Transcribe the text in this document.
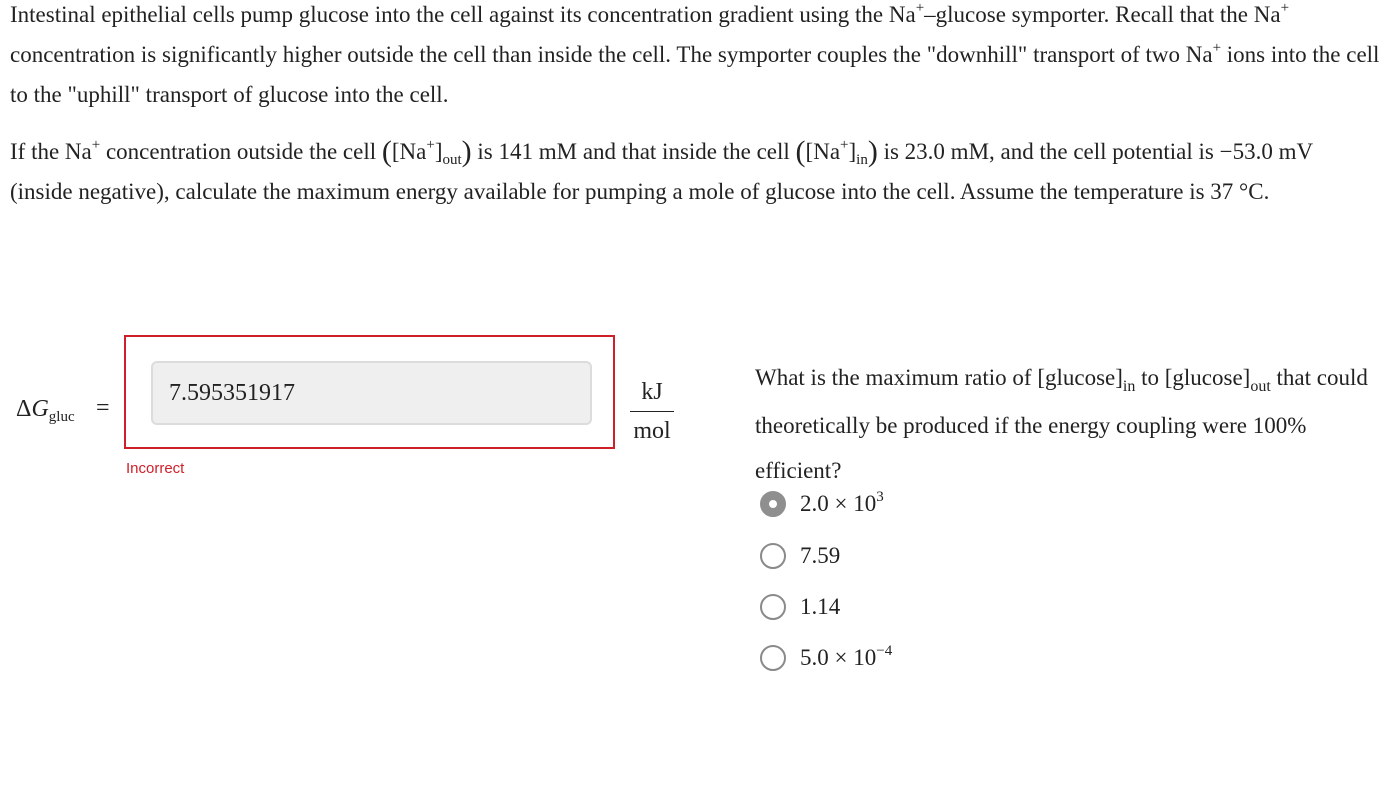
Intestinal epithelial cells pump glucose into the cell against its concentration gradient using the Na+–glucose symporter. Recall that the Na+ concentration is significantly higher outside the cell than inside the cell. The symporter couples the "downhill" transport of two Na+ ions into the cell to the "uphill" transport of glucose into the cell.
If the Na+ concentration outside the cell $([Na^+]_{out})$ is 141 mM and that inside the cell $([Na^+]_{in})$ is 23.0 mM, and the cell potential is −53.0 mV (inside negative), calculate the maximum energy available for pumping a mole of glucose into the cell. Assume the temperature is 37 °C.
$\Delta G_{gluc}$ =
7.595351917
Incorrect
kJ
mol
What is the maximum ratio of $[glucose]_{in}$ to $[glucose]_{out}$ that could theoretically be produced if the energy coupling were 100% efficient?
$2.0 \times 10^3$
7.59
1.14
$5.0 \times 10^{-4}$
